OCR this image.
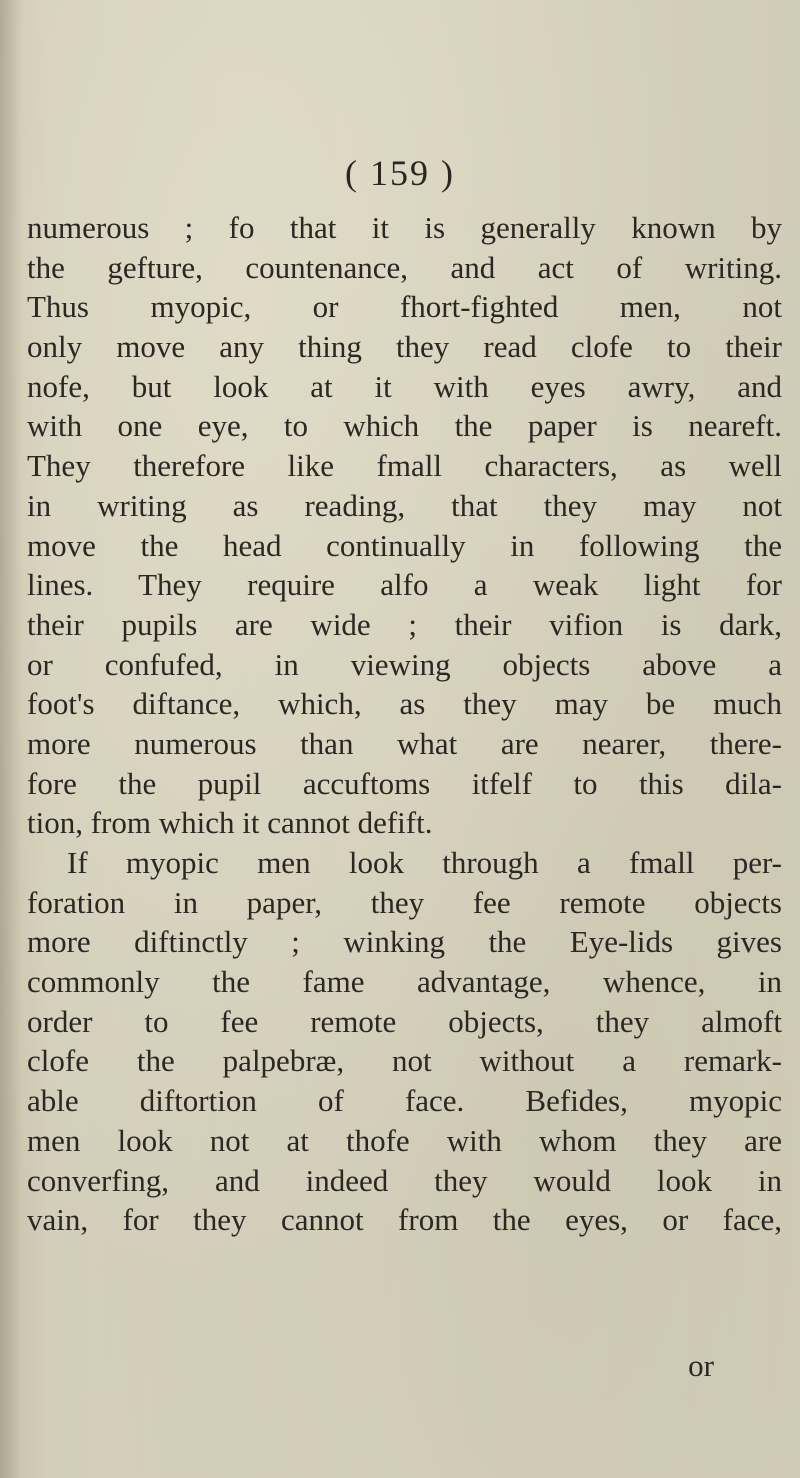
( 159 )
numerous ; fo that it is generally known by
the gefture, countenance, and act of writing.
Thus myopic, or fhort-fighted men, not
only move any thing they read clofe to their
nofe, but look at it with eyes awry, and
with one eye, to which the paper is neareft.
They therefore like fmall characters, as well
in writing as reading, that they may not
move the head continually in following the
lines. They require alfo a weak light for
their pupils are wide ; their vifion is dark,
or confufed, in viewing objects above a
foot's diftance, which, as they may be much
more numerous than what are nearer, there-
fore the pupil accuftoms itfelf to this dila-
tion, from which it cannot defift.
If myopic men look through a fmall per-
foration in paper, they fee remote objects
more diftinctly ; winking the Eye-lids gives
commonly the fame advantage, whence, in
order to fee remote objects, they almoft
clofe the palpebræ, not without a remark-
able diftortion of face. Befides, myopic
men look not at thofe with whom they are
converfing, and indeed they would look in
vain, for they cannot from the eyes, or face,
or
